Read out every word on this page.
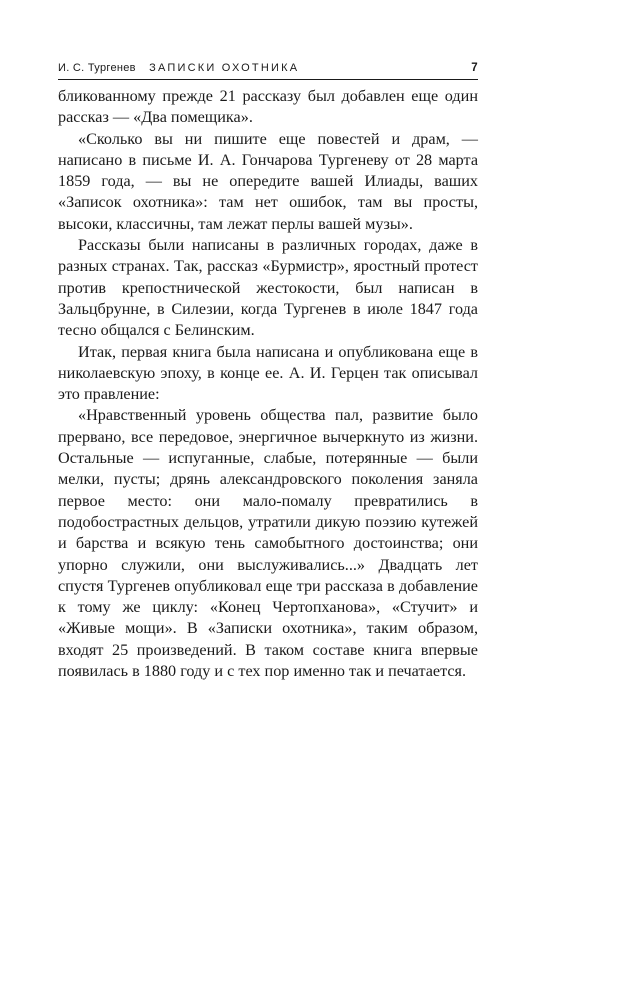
И. С. Тургенев ЗАПИСКИ ОХОТНИКА	7

бликованному прежде 21 рассказу был добавлен еще один рассказ — «Два помещика».

«Сколько вы ни пишите еще повестей и драм, — написано в письме И. А. Гончарова Тургеневу от 28 марта 1859 года, — вы не опередите вашей Илиады, ваших «Записок охотника»: там нет ошибок, там вы просты, высоки, классичны, там лежат перлы вашей музы».

Рассказы были написаны в различных городах, даже в разных странах. Так, рассказ «Бурмистр», яростный протест против крепостнической жестокости, был написан в Зальцбрунне, в Силезии, когда Тургенев в июле 1847 года тесно общался с Белинским.

Итак, первая книга была написана и опубликована еще в николаевскую эпоху, в конце ее. А. И. Герцен так описывал это правление:

«Нравственный уровень общества пал, развитие было прервано, все передовое, энергичное вычеркнуто из жизни. Остальные — испуганные, слабые, потерянные — были мелки, пусты; дрянь александровского поколения заняла первое место: они мало-помалу превратились в подобострастных дельцов, утратили дикую поэзию кутежей и барства и всякую тень самобытного достоинства; они упорно служили, они выслуживались...» Двадцать лет спустя Тургенев опубликовал еще три рассказа в добавление к тому же циклу: «Конец Чертопханова», «Стучит» и «Живые мощи». В «Записки охотника», таким образом, входят 25 произведений. В таком составе книга впервые появилась в 1880 году и с тех пор именно так и печатается.
